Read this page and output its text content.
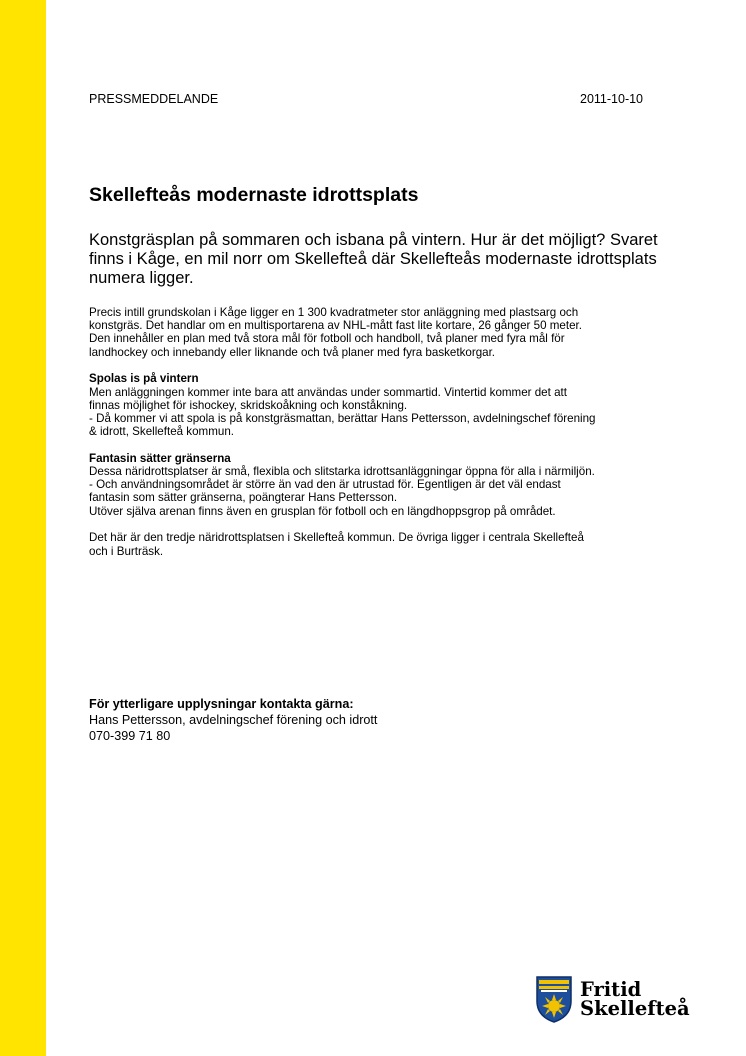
PRESSMEDDELANDE	2011-10-10
Skellefteås modernaste idrottsplats

Konstgräsplan på sommaren och isbana på vintern. Hur är det möjligt? Svaret finns i Kåge, en mil norr om Skellefteå där Skellefteås modernaste idrottsplats numera ligger.

Precis intill grundskolan i Kåge ligger en 1 300 kvadratmeter stor anläggning med plastsarg och

konstgräs. Det handlar om en multisportarena av NHL-mått fast lite kortare, 26 gånger 50 meter.

Den innehåller en plan med två stora mål för fotboll och handboll, två planer med fyra mål för

landhockey och innebandy eller liknande och två planer med fyra basketkorgar.

Spolas is på vintern

Men anläggningen kommer inte bara att användas under sommartid. Vintertid kommer det att

finnas möjlighet för ishockey, skridskoåkning och konståkning.

- Då kommer vi att spola is på konstgräsmattan, berättar Hans Pettersson, avdelningschef förening

& idrott, Skellefteå kommun.

Fantasin sätter gränserna

Dessa näridrottsplatser är små, flexibla och slitstarka idrottsanläggningar öppna för alla i närmiljön.

- Och användningsområdet är större än vad den är utrustad för. Egentligen är det väl endast

fantasin som sätter gränserna, poängterar Hans Pettersson.

Utöver själva arenan finns även en grusplan för fotboll och en längdhoppsgrop på området.

Det här är den tredje näridrottsplatsen i Skellefteå kommun. De övriga ligger i centrala Skellefteå

och i Burträsk.

För ytterligare upplysningar kontakta gärna:

Hans Pettersson, avdelningschef förening och idrott

070-399 71 80

Fritid
Skellefteå
